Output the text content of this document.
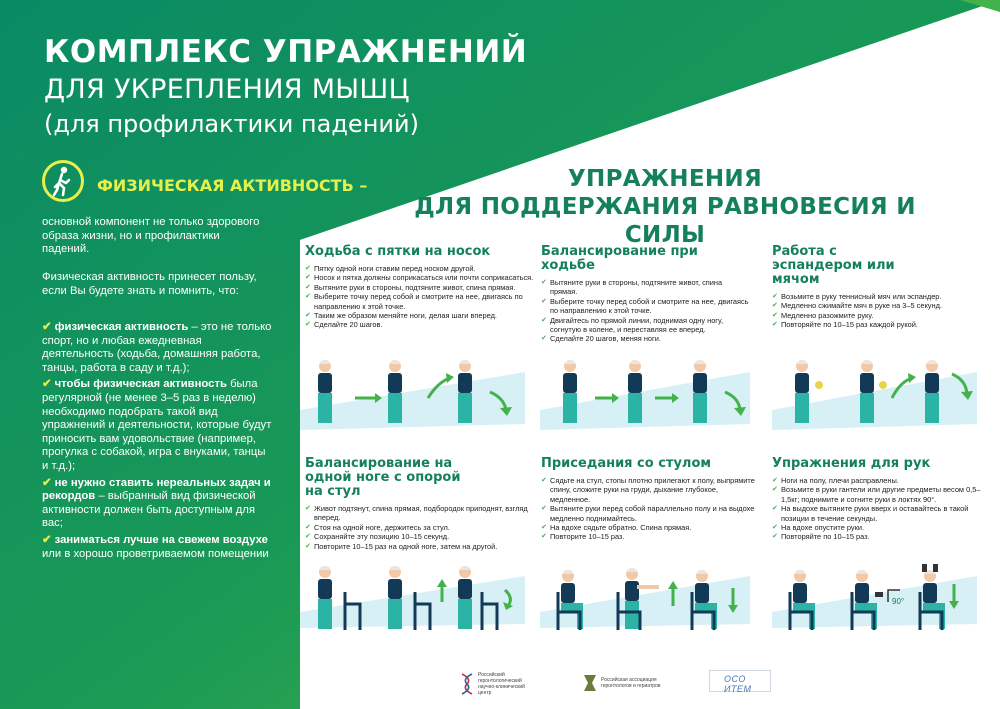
КОМПЛЕКС УПРАЖНЕНИЙ
ДЛЯ УКРЕПЛЕНИЯ МЫШЦ
(для профилактики падений)
ФИЗИЧЕСКАЯ АКТИВНОСТЬ –
основной компонент не только здорового образа жизни, но и профилактики падений.
Физическая активность принесет пользу, если Вы будете знать и помнить, что:

✔ физическая активность – это не только спорт, но и любая ежедневная деятельность (ходьба, домашняя работа, танцы, работа в саду и т.д.);

✔ чтобы физическая активность была регулярной (не менее 3–5 раз в неделю) необходимо подобрать такой вид упражнений и деятельности, которые будут приносить вам удовольствие (например, прогулка с собакой, игра с внуками, танцы и т.д.);

✔ не нужно ставить нереальных задач и рекордов – выбранный вид физической активности должен быть доступным для вас;

✔ заниматься лучше на свежем воздухе или в хорошо проветриваемом помещении

УПРАЖНЕНИЯ
ДЛЯ ПОДДЕРЖАНИЯ РАВНОВЕСИЯ И СИЛЫ
Ходьба с пятки на носок
✔ Пятку одной ноги ставим перед носком другой.
✔ Носок и пятка должны соприкасаться или почти соприкасаться.
✔ Вытяните руки в стороны, подтяните живот, спина прямая.
✔ Выберите точку перед собой и смотрите на нее, двигаясь по направлению к этой точке.
✔ Таким же образом меняйте ноги, делая шаги вперед.
✔ Сделайте 20 шагов.
Балансирование при ходьбе
✔ Вытяните руки в стороны, подтяните живот, спина прямая.
✔ Выберите точку перед собой и смотрите на нее, двигаясь по направлению к этой точке.
✔ Двигайтесь по прямой линии, поднимая одну ногу, согнутую в колене, и переставляя ее вперед.
✔ Сделайте 20 шагов, меняя ноги.
Работа с эспандером или мячом
✔ Возьмите в руку теннисный мяч или эспандер.
✔ Медленно сжимайте мяч в руке на 3–5 секунд.
✔ Медленно разожмите руку.
✔ Повторяйте по 10–15 раз каждой рукой.
Балансирование на одной ноге с опорой на стул
✔ Живот подтянут, спина прямая, подбородок приподнят, взгляд вперед.
✔ Стоя на одной ноге, держитесь за стул.
✔ Сохраняйте эту позицию 10–15 секунд.
✔ Повторите 10–15 раз на одной ноге, затем на другой.
Приседания со стулом
✔ Сядьте на стул, стопы плотно прилегают к полу, выпрямите спину, сложите руки на груди, дыхание глубокое, медленное.
✔ Вытяните руки перед собой параллельно полу и на выдохе медленно поднимайтесь.
✔ На вдохе сядьте обратно. Спина прямая.
✔ Повторите 10–15 раз.
Упражнения для рук
✔ Ноги на полу, плечи расправлены.
✔ Возьмите в руки гантели или другие предметы весом 0,5–1,5кг; поднимите и согните руки в локтях 90°.
✔ На выдохе вытяните руки вверх и оставайтесь в такой позиции в течение секунды.
✔ На вдохе опустите руки.
✔ Повторяйте по 10–15 раз.
90°
Российский геронтологический научно-клинический центр
Российская ассоциация геронтологов и гериатров
ОСО ИТЕМ
